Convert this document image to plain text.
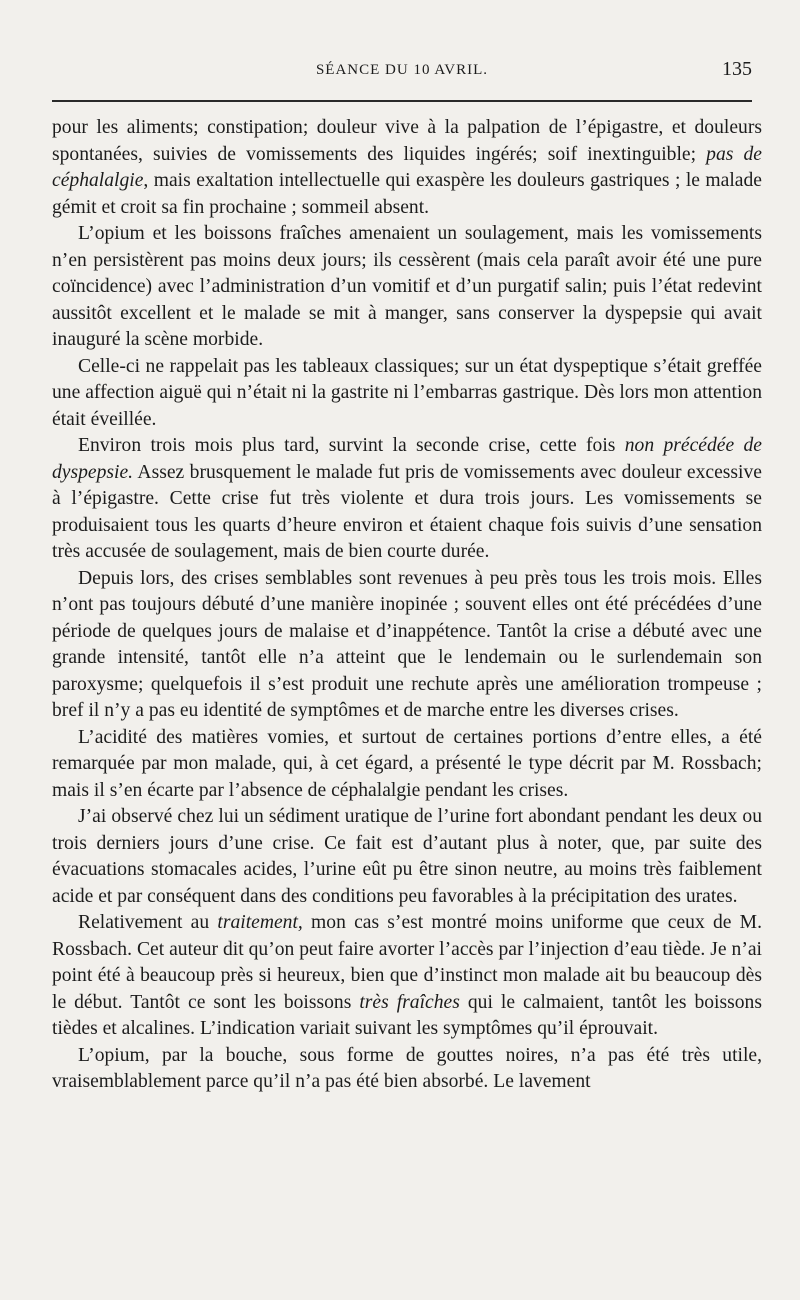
SÉANCE DU 10 AVRIL.	135

pour les aliments; constipation; douleur vive à la palpation de l’épigastre, et douleurs spontanées, suivies de vomissements des liquides ingérés; soif inextinguible; pas de céphalalgie, mais exaltation intellectuelle qui exaspère les douleurs gastriques ; le malade gémit et croit sa fin prochaine ; sommeil absent.

L’opium et les boissons fraîches amenaient un soulagement, mais les vomissements n’en persistèrent pas moins deux jours; ils cessèrent (mais cela paraît avoir été une pure coïncidence) avec l’administration d’un vomitif et d’un purgatif salin; puis l’état redevint aussitôt excellent et le malade se mit à manger, sans conserver la dyspepsie qui avait inauguré la scène morbide.

Celle-ci ne rappelait pas les tableaux classiques; sur un état dyspeptique s’était greffée une affection aiguë qui n’était ni la gastrite ni l’embarras gastrique. Dès lors mon attention était éveillée.

Environ trois mois plus tard, survint la seconde crise, cette fois non précédée de dyspepsie. Assez brusquement le malade fut pris de vomissements avec douleur excessive à l’épigastre. Cette crise fut très violente et dura trois jours. Les vomissements se produisaient tous les quarts d’heure environ et étaient chaque fois suivis d’une sensation très accusée de soulagement, mais de bien courte durée.

Depuis lors, des crises semblables sont revenues à peu près tous les trois mois. Elles n’ont pas toujours débuté d’une manière inopinée ; souvent elles ont été précédées d’une période de quelques jours de malaise et d’inappétence. Tantôt la crise a débuté avec une grande intensité, tantôt elle n’a atteint que le lendemain ou le surlendemain son paroxysme; quelquefois il s’est produit une rechute après une amélioration trompeuse ; bref il n’y a pas eu identité de symptômes et de marche entre les diverses crises.

L’acidité des matières vomies, et surtout de certaines portions d’entre elles, a été remarquée par mon malade, qui, à cet égard, a présenté le type décrit par M. Rossbach; mais il s’en écarte par l’absence de céphalalgie pendant les crises.

J’ai observé chez lui un sédiment uratique de l’urine fort abondant pendant les deux ou trois derniers jours d’une crise. Ce fait est d’autant plus à noter, que, par suite des évacuations stomacales acides, l’urine eût pu être sinon neutre, au moins très faiblement acide et par conséquent dans des conditions peu favorables à la précipitation des urates.

Relativement au traitement, mon cas s’est montré moins uniforme que ceux de M. Rossbach. Cet auteur dit qu’on peut faire avorter l’accès par l’injection d’eau tiède. Je n’ai point été à beaucoup près si heureux, bien que d’instinct mon malade ait bu beaucoup dès le début. Tantôt ce sont les boissons très fraîches qui le calmaient, tantôt les boissons tièdes et alcalines. L’indication variait suivant les symptômes qu’il éprouvait.

L’opium, par la bouche, sous forme de gouttes noires, n’a pas été très utile, vraisemblablement parce qu’il n’a pas été bien absorbé. Le lavement
